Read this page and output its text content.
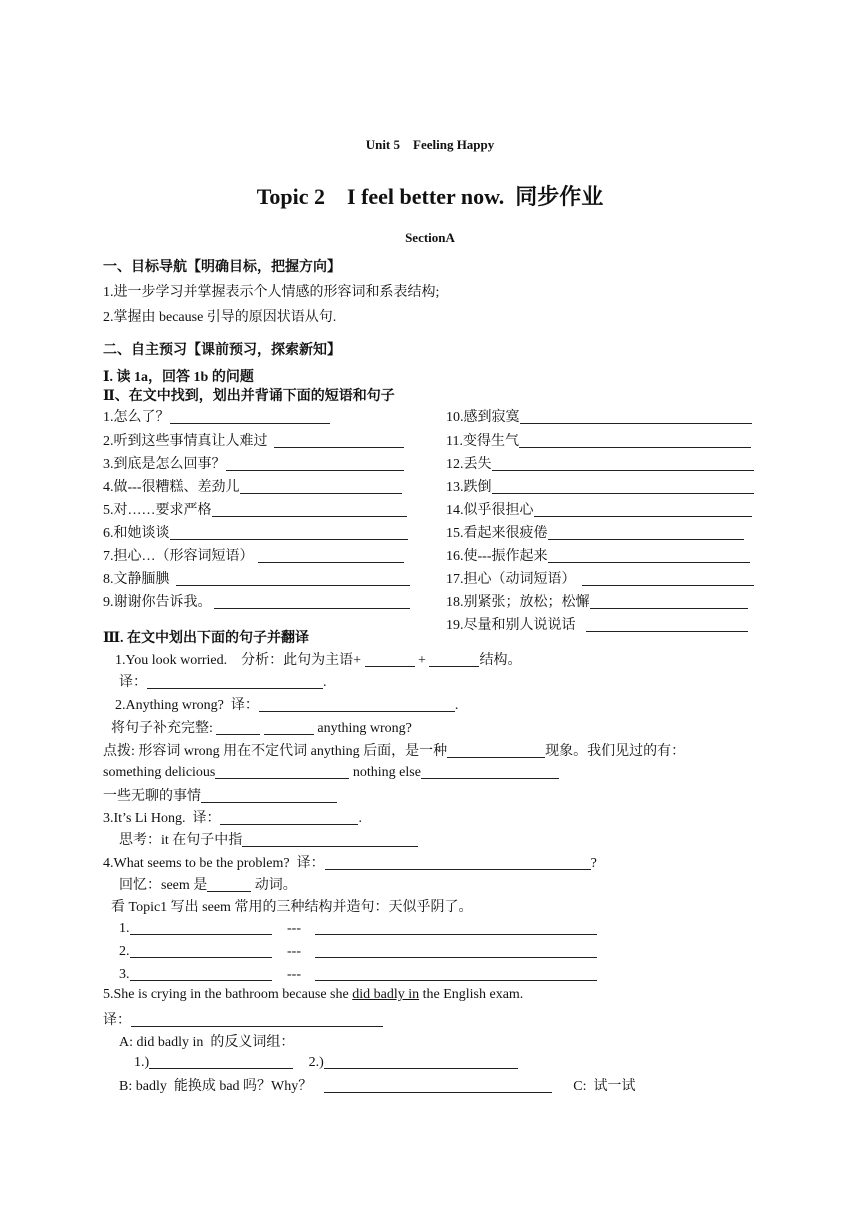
Unit 5    Feeling Happy
Topic 2    I feel better now.  同步作业
SectionA
一、目标导航【明确目标，把握方向】
1.进一步学习并掌握表示个人情感的形容词和系表结构;
2.掌握由 because 引导的原因状语从句.
二、自主预习【课前预习，探索新知】
Ⅰ. 读 1a，回答 1b 的问题
Ⅱ、在文中找到，划出并背诵下面的短语和句子
1.怎么了？
2.听到这些事情真让人难过
3.到底是怎么回事？
4.做---很糟糕、差劲儿
5.对……要求严格
6.和她谈谈
7.担心…（形容词短语）
8.文静腼腆
9.谢谢你告诉我。
10.感到寂寞
11.变得生气
12.丢失
13.跌倒
14.似乎很担心
15.看起来很疲倦
16.使---振作起来
17.担心（动词短语）
18.别紧张；放松；松懈
19.尽量和别人说说话
Ⅲ. 在文中划出下面的句子并翻译
1.You look worried.    分析：此句为主语+	+	结构。
译：	.
2.Anything wrong?  译：	.
将句子补充完整:	anything wrong?
点拨: 形容词 wrong 用在不定代词 anything 后面，是一种	现象。我们见过的有：
something delicious	nothing else
一些无聊的事情
3.It’s Li Hong.  译：	.
思考：it 在句子中指
4.What seems to be the problem?  译：	?
回忆：seem 是	动词。
看 Topic1 写出 seem 常用的三种结构并造句：天似乎阴了。
1.	---
2.	---
3.	---
5.She is crying in the bathroom because she did badly in the English exam.
译：
A: did badly in  的反义词组：
1.)	2.)
B: badly  能换成 bad 吗？Why？	C:  试一试
